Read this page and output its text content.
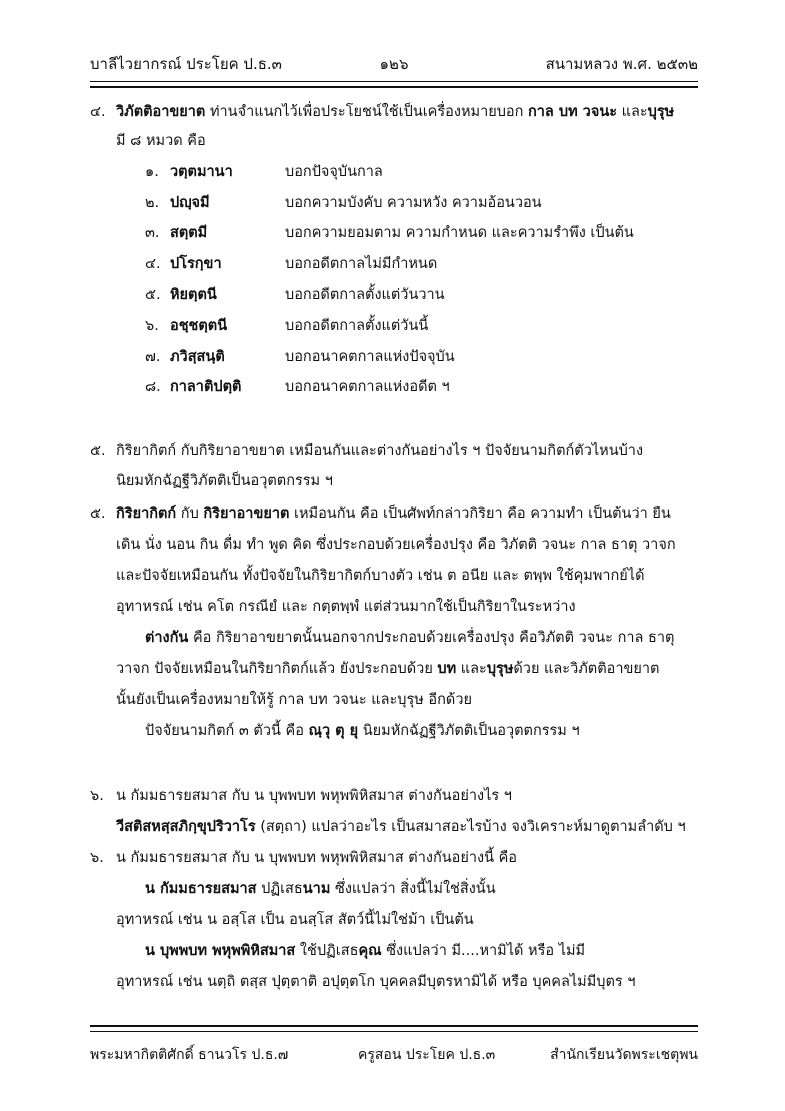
บาลีไวยากรณ์ ประโยค ป.ธ.๓	๑๒๖	สนามหลวง พ.ศ. ๒๕๓๒
๔. วิภัตติอาขยาต ท่านจำแนกไว้เพื่อประโยชน์ใช้เป็นเครื่องหมายบอก กาล บท วจนะ และบุรุษ
มี ๘ หมวด คือ
๑. วตฺตมานา	บอกปัจจุบันกาล
๒. ปญฺจมี	บอกความบังคับ ความหวัง ความอ้อนวอน
๓. สตฺตมี	บอกความยอมตาม ความกำหนด และความรำพึง เป็นต้น
๔. ปโรกฺขา	บอกอดีตกาลไม่มีกำหนด
๕. หิยตฺตนี	บอกอดีตกาลตั้งแต่วันวาน
๖. อชฺชตฺตนี	บอกอดีตกาลตั้งแต่วันนี้
๗. ภวิสฺสนฺติ	บอกอนาคตกาลแห่งปัจจุบัน
๘. กาลาติปตฺติ	บอกอนาคตกาลแห่งอดีต ฯ
๕. กิริยากิตก์ กับกิริยาอาขยาต เหมือนกันและต่างกันอย่างไร ฯ ปัจจัยนามกิตก์ตัวไหนบ้าง
นิยมหักฉัฏฐีวิภัตติเป็นอวุตตกรรม ฯ
๕. กิริยากิตก์ กับ กิริยาอาขยาต เหมือนกัน คือ เป็นศัพท์กล่าวกิริยา คือ ความทำ เป็นต้นว่า ยืน
เดิน นั่ง นอน กิน ดื่ม ทำ พูด คิด ซึ่งประกอบด้วยเครื่องปรุง คือ วิภัตติ วจนะ กาล ธาตุ วาจก
และปัจจัยเหมือนกัน ทั้งปัจจัยในกิริยากิตก์บางตัว เช่น ต อนีย และ ตพฺพ ใช้คุมพากย์ได้
อุทาหรณ์ เช่น คโต กรณียํ และ กตฺตพฺพํ แต่ส่วนมากใช้เป็นกิริยาในระหว่าง
ต่างกัน คือ กิริยาอาขยาตนั้นนอกจากประกอบด้วยเครื่องปรุง คือวิภัตติ วจนะ กาล ธาตุ
วาจก ปัจจัยเหมือนในกิริยากิตก์แล้ว ยังประกอบด้วย บท และบุรุษด้วย และวิภัตติอาขยาต
นั้นยังเป็นเครื่องหมายให้รู้ กาล บท วจนะ และบุรุษ อีกด้วย
ปัจจัยนามกิตก์ ๓ ตัวนี้ คือ ณฺวุ ตุ ยุ นิยมหักฉัฏฐีวิภัตติเป็นอวุตตกรรม ฯ
๖. น กัมมธารยสมาส กับ น บุพพบท พหุพพิหิสมาส ต่างกันอย่างไร ฯ
วีสติสหสฺสภิกฺขุปริวาโร (สตฺถา) แปลว่าอะไร เป็นสมาสอะไรบ้าง จงวิเคราะห์มาดูตามลำดับ ฯ
๖. น กัมมธารยสมาส กับ น บุพพบท พหุพพิหิสมาส ต่างกันอย่างนี้ คือ
น กัมมธารยสมาส ปฏิเสธนาม ซึ่งแปลว่า สิ่งนี้ไม่ใช่สิ่งนั้น
อุทาหรณ์ เช่น น อสฺโส เป็น อนสฺโส สัตว์นี้ไม่ใช่ม้า เป็นต้น
น บุพพบท พหุพพิหิสมาส ใช้ปฏิเสธคุณ ซึ่งแปลว่า มี....หามิได้ หรือ ไม่มี
อุทาหรณ์ เช่น นตฺถิ ตสฺส ปุตฺตาติ อปุตฺตโก บุคคลมีบุตรหามิได้ หรือ บุคคลไม่มีบุตร ฯ
พระมหากิตติศักดิ์ ธานวโร ป.ธ.๗	ครูสอน ประโยค ป.ธ.๓	สำนักเรียนวัดพระเชตุพน
